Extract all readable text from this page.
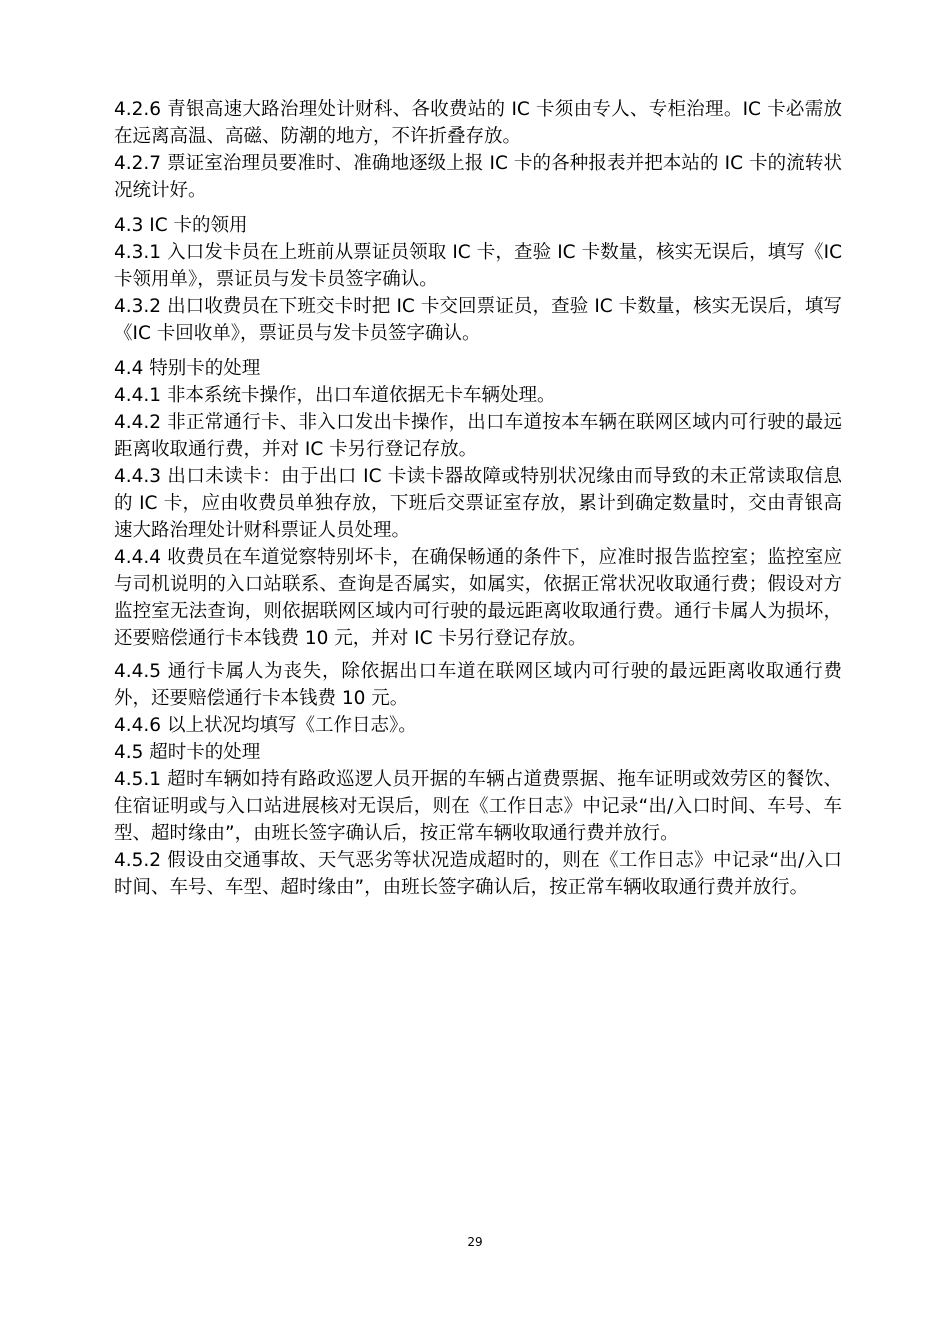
4.2.6 青银高速大路治理处计财科、各收费站的 IC 卡须由专人、专柜治理。IC 卡必需放在远离高温、高磁、防潮的地方，不许折叠存放。

4.2.7 票证室治理员要准时、准确地逐级上报 IC 卡的各种报表并把本站的 IC 卡的流转状况统计好。

4.3 IC 卡的领用

4.3.1 入口发卡员在上班前从票证员领取 IC 卡，查验 IC 卡数量，核实无误后，填写《IC 卡领用单》，票证员与发卡员签字确认。

4.3.2 出口收费员在下班交卡时把 IC 卡交回票证员，查验 IC 卡数量，核实无误后，填写《IC 卡回收单》，票证员与发卡员签字确认。

4.4 特别卡的处理

4.4.1 非本系统卡操作，出口车道依据无卡车辆处理。

4.4.2 非正常通行卡、非入口发出卡操作，出口车道按本车辆在联网区域内可行驶的最远距离收取通行费，并对 IC 卡另行登记存放。

4.4.3 出口未读卡：由于出口 IC 卡读卡器故障或特别状况缘由而导致的未正常读取信息的 IC 卡，应由收费员单独存放，下班后交票证室存放，累计到确定数量时，交由青银高速大路治理处计财科票证人员处理。

4.4.4 收费员在车道觉察特别坏卡，在确保畅通的条件下，应准时报告监控室；监控室应与司机说明的入口站联系、查询是否属实，如属实，依据正常状况收取通行费；假设对方监控室无法查询，则依据联网区域内可行驶的最远距离收取通行费。通行卡属人为损坏，还要赔偿通行卡本钱费 10 元，并对 IC 卡另行登记存放。

4.4.5 通行卡属人为丧失，除依据出口车道在联网区域内可行驶的最远距离收取通行费外，还要赔偿通行卡本钱费 10 元。

4.4.6 以上状况均填写《工作日志》。

4.5 超时卡的处理

4.5.1 超时车辆如持有路政巡逻人员开据的车辆占道费票据、拖车证明或效劳区的餐饮、住宿证明或与入口站进展核对无误后，则在《工作日志》中记录“出/入口时间、车号、车型、超时缘由”，由班长签字确认后，按正常车辆收取通行费并放行。

4.5.2 假设由交通事故、天气恶劣等状况造成超时的，则在《工作日志》中记录“出/入口时间、车号、车型、超时缘由”，由班长签字确认后，按正常车辆收取通行费并放行。

29
